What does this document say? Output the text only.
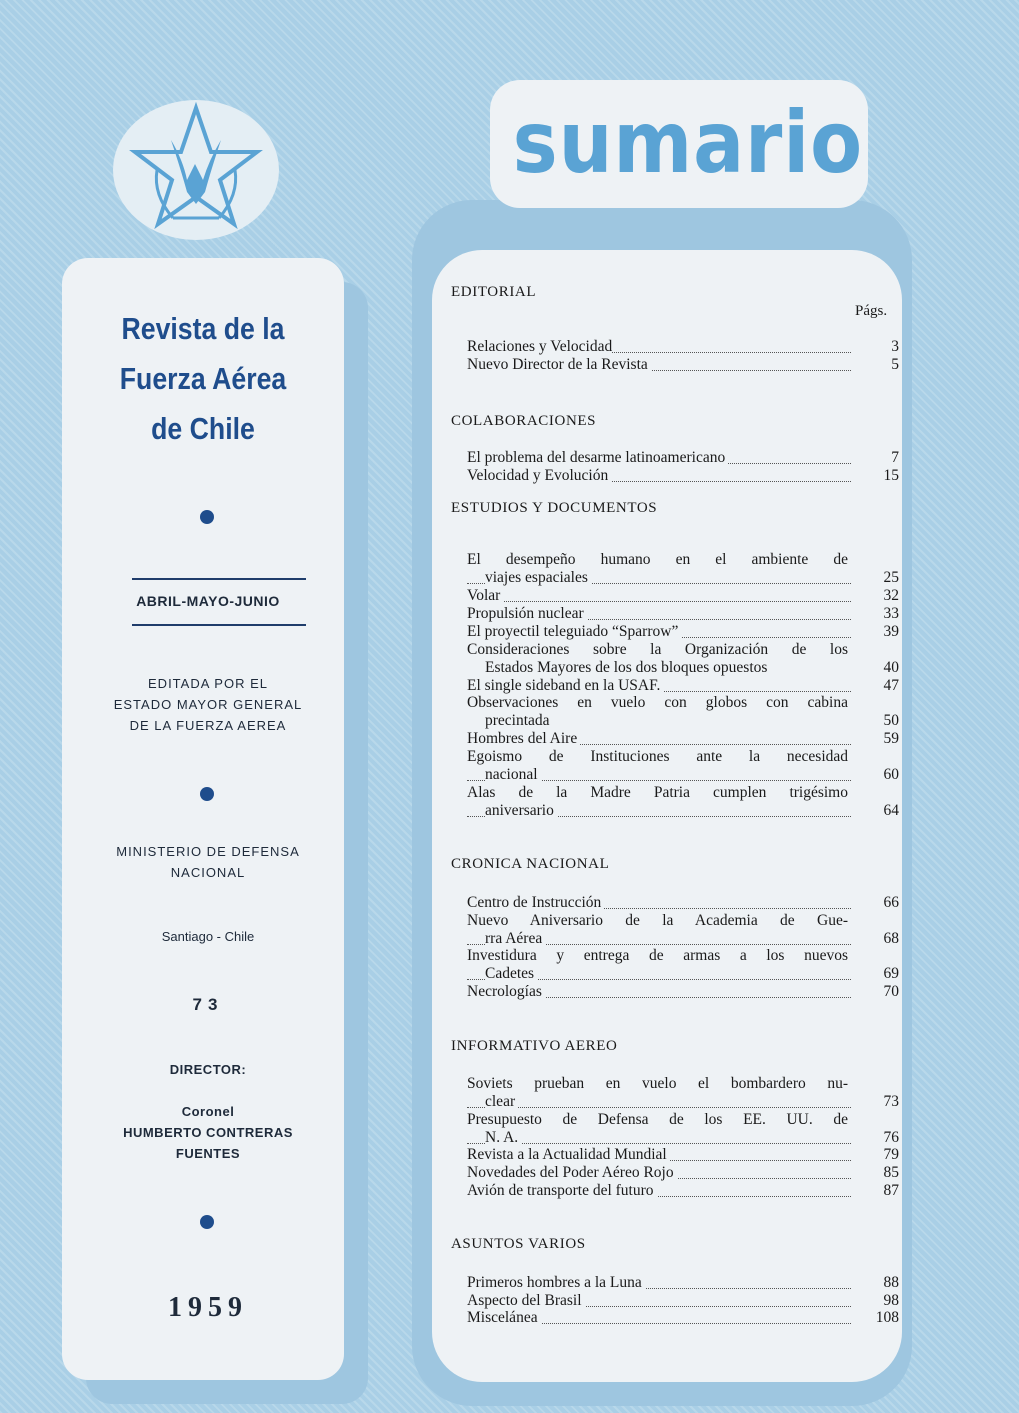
Revista de la
Fuerza Aérea
de Chile
ABRIL-MAYO-JUNIO
EDITADA POR EL
ESTADO MAYOR GENERAL
DE LA FUERZA AEREA
MINISTERIO DE DEFENSA
NACIONAL
Santiago - Chile
73
DIRECTOR:
Coronel
HUMBERTO CONTRERAS
FUENTES
1959
sumario
Págs.
EDITORIAL
Relaciones y Velocidad	3
Nuevo Director de la Revista	5
COLABORACIONES
El problema del desarme latinoamericano	7
Velocidad y Evolución	15
ESTUDIOS Y DOCUMENTOS
El desempeño humano en el ambiente de
viajes espaciales	25
Volar	32
Propulsión nuclear	33
El proyectil teleguiado “Sparrow”	39
Consideraciones sobre la Organización de los
Estados Mayores de los dos bloques opuestos	40
El single sideband en la USAF.	47
Observaciones en vuelo con globos con cabina
precintada	50
Hombres del Aire	59
Egoismo de Instituciones ante la necesidad
nacional	60
Alas de la Madre Patria cumplen trigésimo
aniversario	64
CRONICA NACIONAL
Centro de Instrucción	66
Nuevo Aniversario de la Academia de Gue-
rra Aérea	68
Investidura y entrega de armas a los nuevos
Cadetes	69
Necrologías	70
INFORMATIVO AEREO
Soviets prueban en vuelo el bombardero nu-
clear	73
Presupuesto de Defensa de los EE. UU. de
N. A.	76
Revista a la Actualidad Mundial	79
Novedades del Poder Aéreo Rojo	85
Avión de transporte del futuro	87
ASUNTOS VARIOS
Primeros hombres a la Luna	88
Aspecto del Brasil	98
Miscelánea	108
